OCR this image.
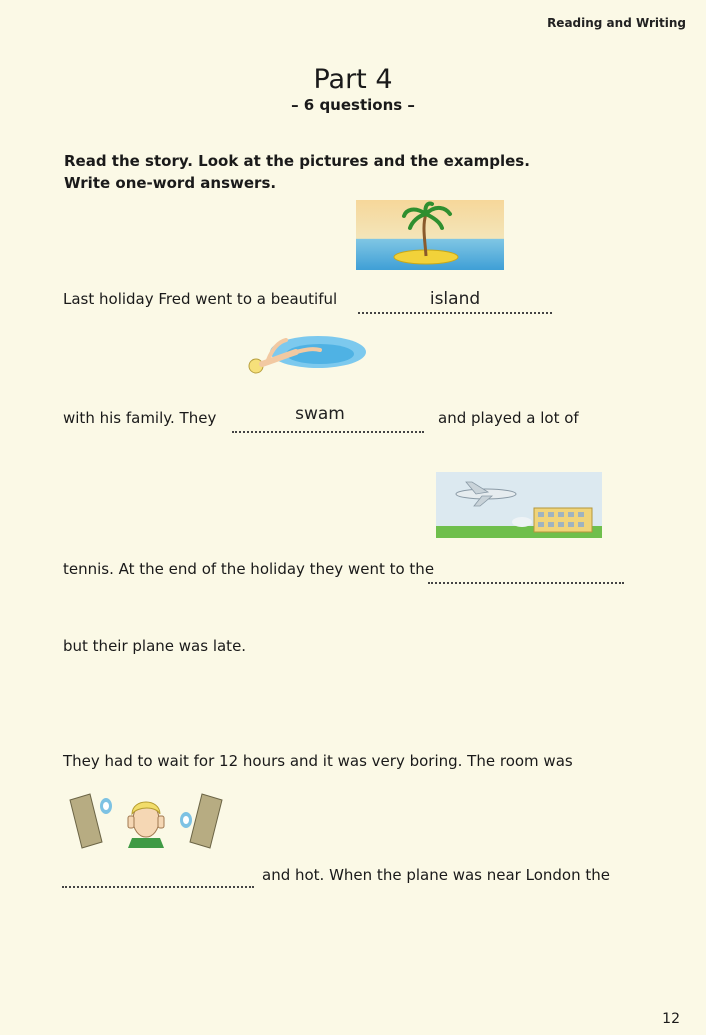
Reading and Writing
Part 4
– 6 questions –
Read the story. Look at the pictures and the examples.
Write one-word answers.
Last holiday Fred went to a beautiful	island
with his family. They	swam	and played a lot of
tennis. At the end of the holiday they went to the
but their plane was late.
They had to wait for 12 hours and it was very boring. The room was
and hot. When the plane was near London the
12
